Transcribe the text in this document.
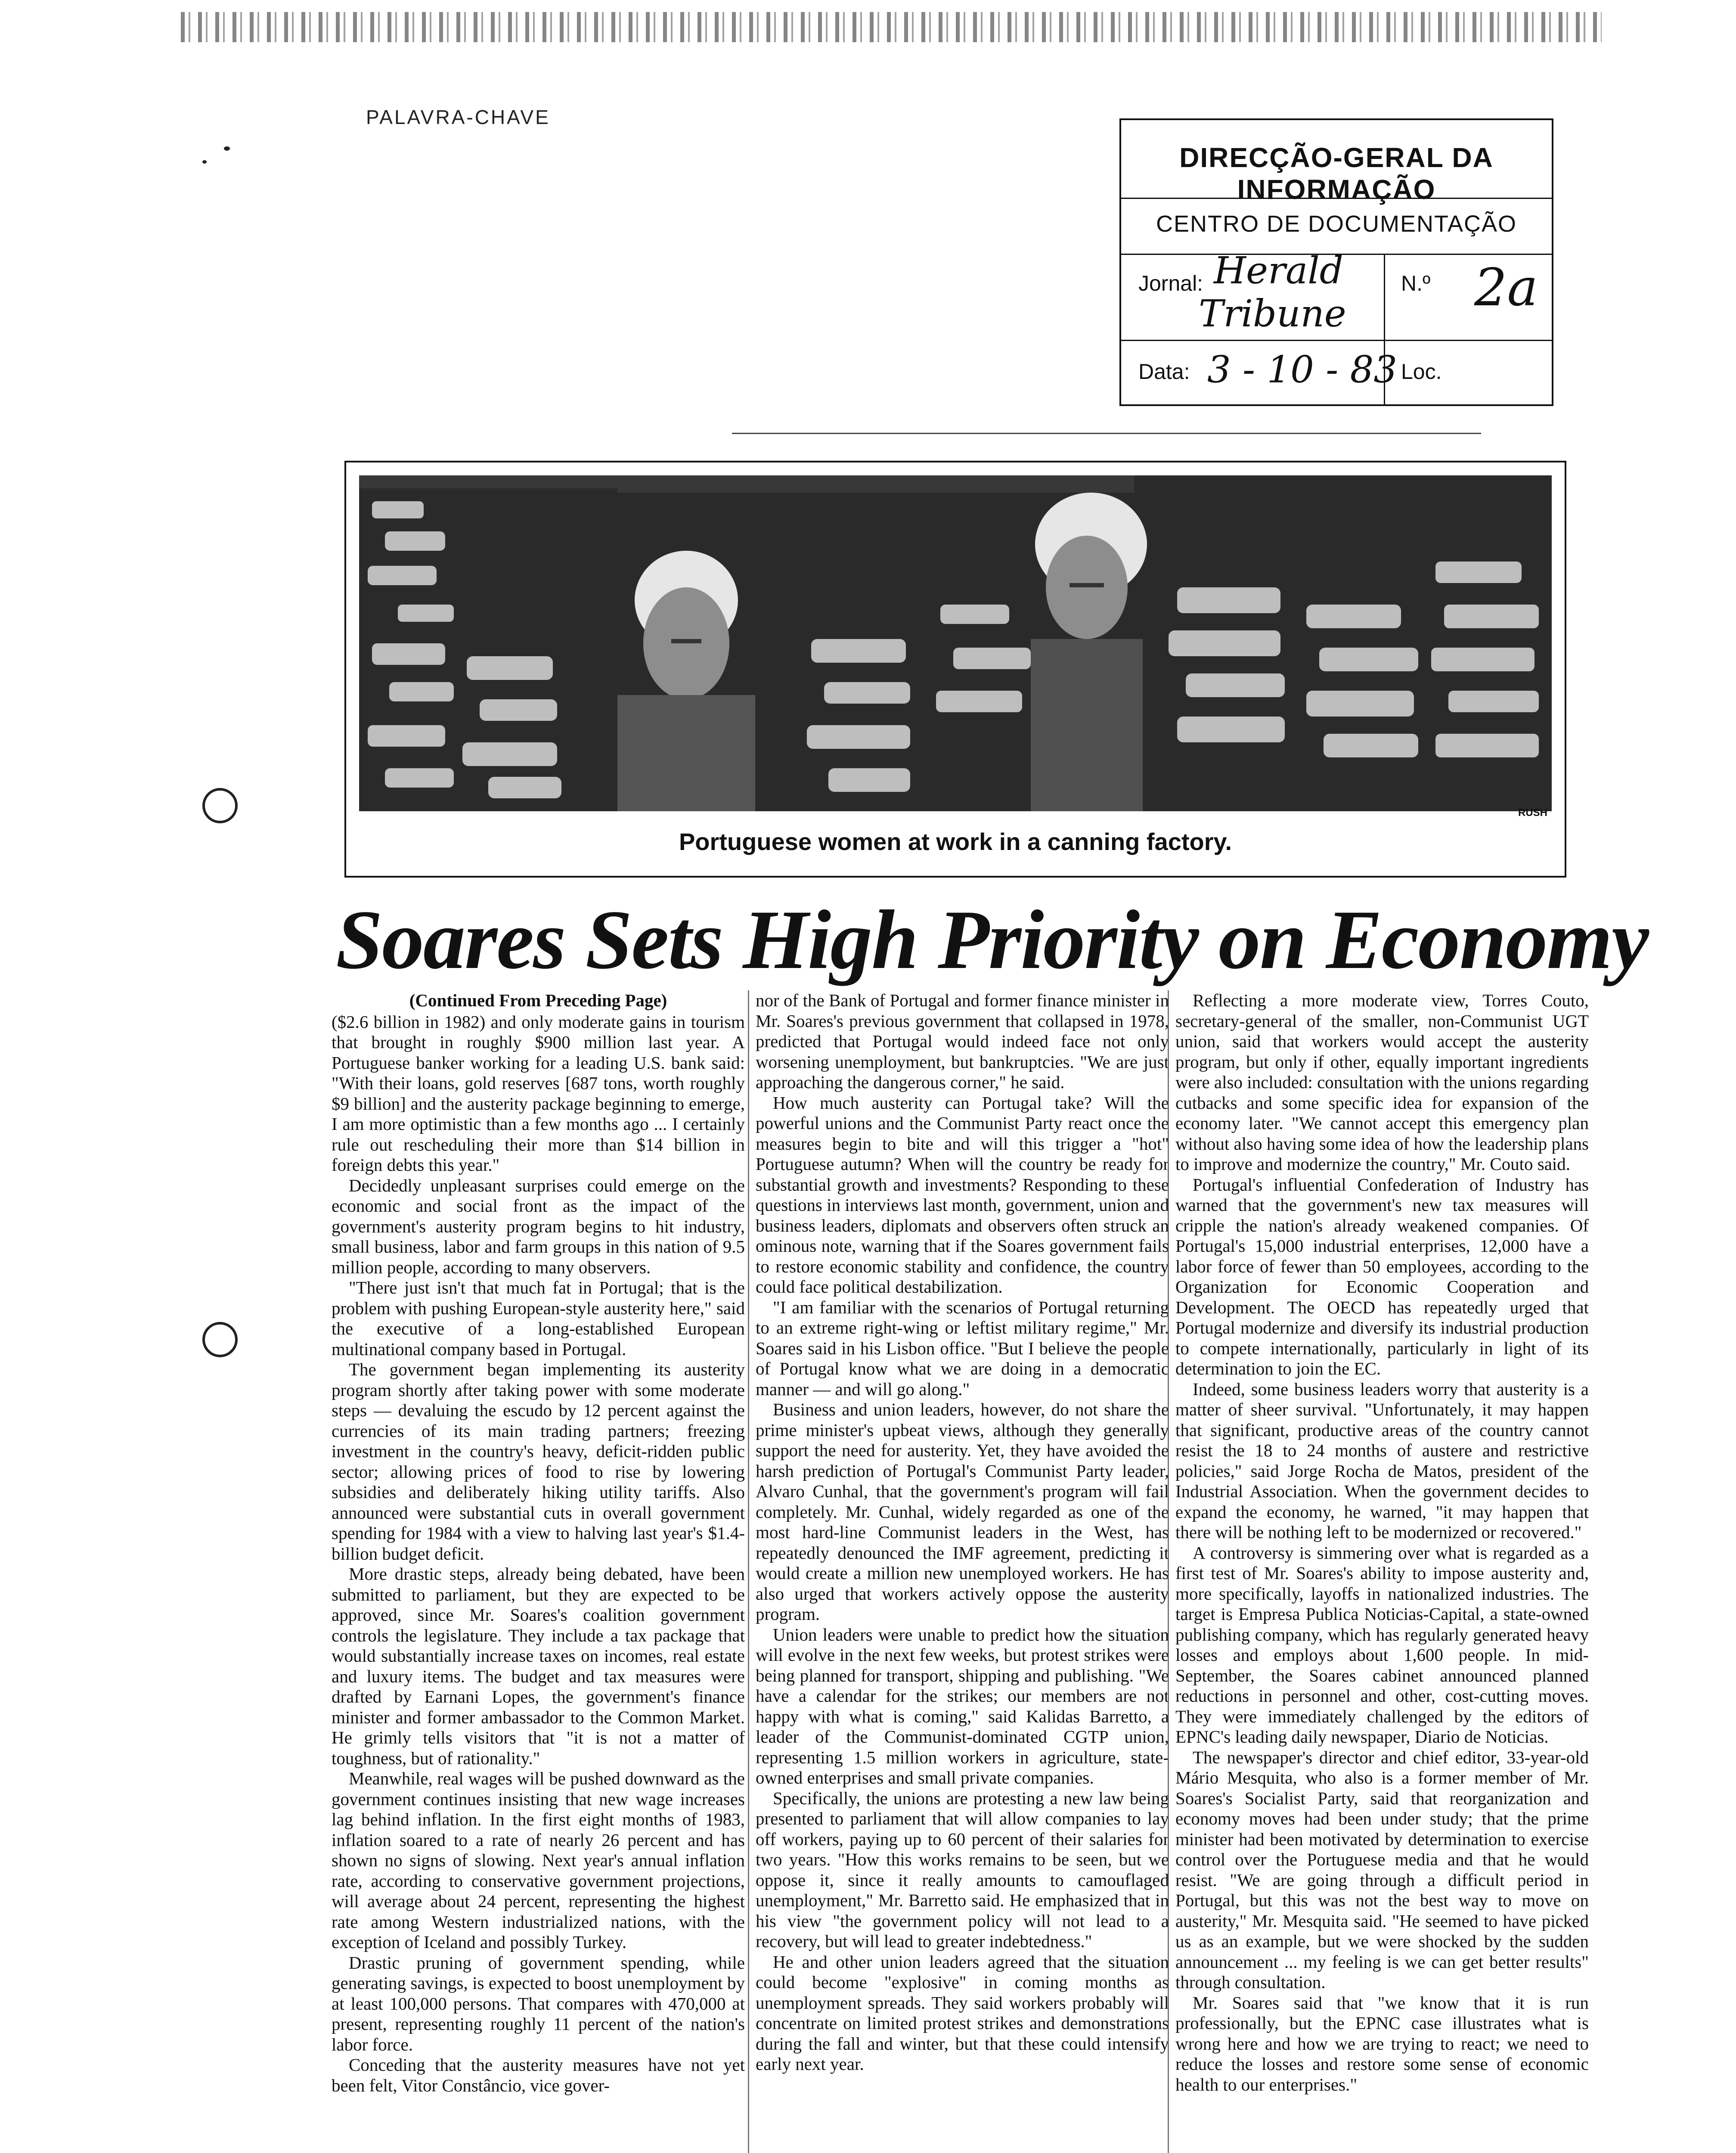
PALAVRA-CHAVE
DIRECÇÃO-GERAL DA INFORMAÇÃO
CENTRO DE DOCUMENTAÇÃO
Jornal: Herald
Tribune
N.º 2a
Data: 3 - 10 - 83 Loc.
RUSH
Portuguese women at work in a canning factory.
Soares Sets High Priority on Economy

(Continued From Preceding Page)

($2.6 billion in 1982) and only moderate gains in tourism that brought in roughly $900 million last year. A Portuguese banker working for a leading U.S. bank said: "With their loans, gold reserves [687 tons, worth roughly $9 billion] and the austerity package beginning to emerge, I am more optimistic than a few months ago ... I certainly rule out rescheduling their more than $14 billion in foreign debts this year."

Decidedly unpleasant surprises could emerge on the economic and social front as the impact of the government's austerity program begins to hit industry, small business, labor and farm groups in this nation of 9.5 million people, according to many observers.

"There just isn't that much fat in Portugal; that is the problem with pushing European-style austerity here," said the executive of a long-established European multinational company based in Portugal.

The government began implementing its austerity program shortly after taking power with some moderate steps — devaluing the escudo by 12 percent against the currencies of its main trading partners; freezing investment in the country's heavy, deficit-ridden public sector; allowing prices of food to rise by lowering subsidies and deliberately hiking utility tariffs. Also announced were substantial cuts in overall government spending for 1984 with a view to halving last year's $1.4-billion budget deficit.

More drastic steps, already being debated, have been submitted to parliament, but they are expected to be approved, since Mr. Soares's coalition government controls the legislature. They include a tax package that would substantially increase taxes on incomes, real estate and luxury items. The budget and tax measures were drafted by Earnani Lopes, the government's finance minister and former ambassador to the Common Market. He grimly tells visitors that "it is not a matter of toughness, but of rationality."

Meanwhile, real wages will be pushed downward as the government continues insisting that new wage increases lag behind inflation. In the first eight months of 1983, inflation soared to a rate of nearly 26 percent and has shown no signs of slowing. Next year's annual inflation rate, according to conservative government projections, will average about 24 percent, representing the highest rate among Western industrialized nations, with the exception of Iceland and possibly Turkey.

Drastic pruning of government spending, while generating savings, is expected to boost unemployment by at least 100,000 persons. That compares with 470,000 at present, representing roughly 11 percent of the nation's labor force.

Conceding that the austerity measures have not yet been felt, Vitor Constâncio, vice gover-

nor of the Bank of Portugal and former finance minister in Mr. Soares's previous government that collapsed in 1978, predicted that Portugal would indeed face not only worsening unemployment, but bankruptcies. "We are just approaching the dangerous corner," he said.

How much austerity can Portugal take? Will the powerful unions and the Communist Party react once the measures begin to bite and will this trigger a "hot" Portuguese autumn? When will the country be ready for substantial growth and investments? Responding to these questions in interviews last month, government, union and business leaders, diplomats and observers often struck an ominous note, warning that if the Soares government fails to restore economic stability and confidence, the country could face political destabilization.

"I am familiar with the scenarios of Portugal returning to an extreme right-wing or leftist military regime," Mr. Soares said in his Lisbon office. "But I believe the people of Portugal know what we are doing in a democratic manner — and will go along."

Business and union leaders, however, do not share the prime minister's upbeat views, although they generally support the need for austerity. Yet, they have avoided the harsh prediction of Portugal's Communist Party leader, Alvaro Cunhal, that the government's program will fail completely. Mr. Cunhal, widely regarded as one of the most hard-line Communist leaders in the West, has repeatedly denounced the IMF agreement, predicting it would create a million new unemployed workers. He has also urged that workers actively oppose the austerity program.

Union leaders were unable to predict how the situation will evolve in the next few weeks, but protest strikes were being planned for transport, shipping and publishing. "We have a calendar for the strikes; our members are not happy with what is coming," said Kalidas Barretto, a leader of the Communist-dominated CGTP union, representing 1.5 million workers in agriculture, state-owned enterprises and small private companies.

Specifically, the unions are protesting a new law being presented to parliament that will allow companies to lay off workers, paying up to 60 percent of their salaries for two years. "How this works remains to be seen, but we oppose it, since it really amounts to camouflaged unemployment," Mr. Barretto said. He emphasized that in his view "the government policy will not lead to a recovery, but will lead to greater indebtedness."

He and other union leaders agreed that the situation could become "explosive" in coming months as unemployment spreads. They said workers probably will concentrate on limited protest strikes and demonstrations during the fall and winter, but that these could intensify early next year.

Reflecting a more moderate view, Torres Couto, secretary-general of the smaller, non-Communist UGT union, said that workers would accept the austerity program, but only if other, equally important ingredients were also included: consultation with the unions regarding cutbacks and some specific idea for expansion of the economy later. "We cannot accept this emergency plan without also having some idea of how the leadership plans to improve and modernize the country," Mr. Couto said.

Portugal's influential Confederation of Industry has warned that the government's new tax measures will cripple the nation's already weakened companies. Of Portugal's 15,000 industrial enterprises, 12,000 have a labor force of fewer than 50 employees, according to the Organization for Economic Cooperation and Development. The OECD has repeatedly urged that Portugal modernize and diversify its industrial production to compete internationally, particularly in light of its determination to join the EC.

Indeed, some business leaders worry that austerity is a matter of sheer survival. "Unfortunately, it may happen that significant, productive areas of the country cannot resist the 18 to 24 months of austere and restrictive policies," said Jorge Rocha de Matos, president of the Industrial Association. When the government decides to expand the economy, he warned, "it may happen that there will be nothing left to be modernized or recovered."

A controversy is simmering over what is regarded as a first test of Mr. Soares's ability to impose austerity and, more specifically, layoffs in nationalized industries. The target is Empresa Publica Noticias-Capital, a state-owned publishing company, which has regularly generated heavy losses and employs about 1,600 people. In mid-September, the Soares cabinet announced planned reductions in personnel and other, cost-cutting moves. They were immediately challenged by the editors of EPNC's leading daily newspaper, Diario de Noticias.

The newspaper's director and chief editor, 33-year-old Mário Mesquita, who also is a former member of Mr. Soares's Socialist Party, said that reorganization and economy moves had been under study; that the prime minister had been motivated by determination to exercise control over the Portuguese media and that he would resist. "We are going through a difficult period in Portugal, but this was not the best way to move on austerity," Mr. Mesquita said. "He seemed to have picked us as an example, but we were shocked by the sudden announcement ... my feeling is we can get better results" through consultation.

Mr. Soares said that "we know that it is run professionally, but the EPNC case illustrates what is wrong here and how we are trying to react; we need to reduce the losses and restore some sense of economic health to our enterprises."
